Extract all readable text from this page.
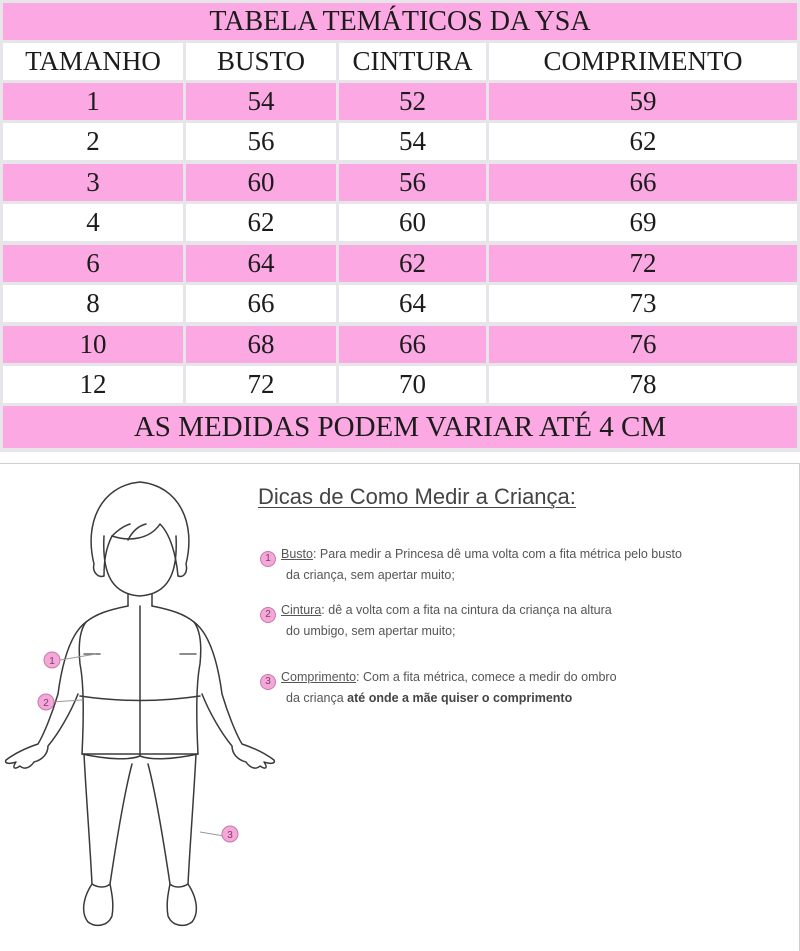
TABELA TEMÁTICOS DA YSA
TAMANHO	BUSTO	CINTURA	COMPRIMENTO
1	54	52	59
2	56	54	62
3	60	56	66
4	62	60	69
6	64	62	72
8	66	64	73
10	68	66	76
12	72	70	78
AS MEDIDAS PODEM VARIAR ATÉ 4 CM
1
2
3
Dicas de Como Medir a Criança:
1 Busto: Para medir a Princesa dê uma volta com a fita métrica pelo busto
da criança, sem apertar muito;
2 Cintura: dê a volta com a fita na cintura da criança na altura
do umbigo, sem apertar muito;
3 Comprimento: Com a fita métrica, comece a medir do ombro
da criança até onde a mãe quiser o comprimento
